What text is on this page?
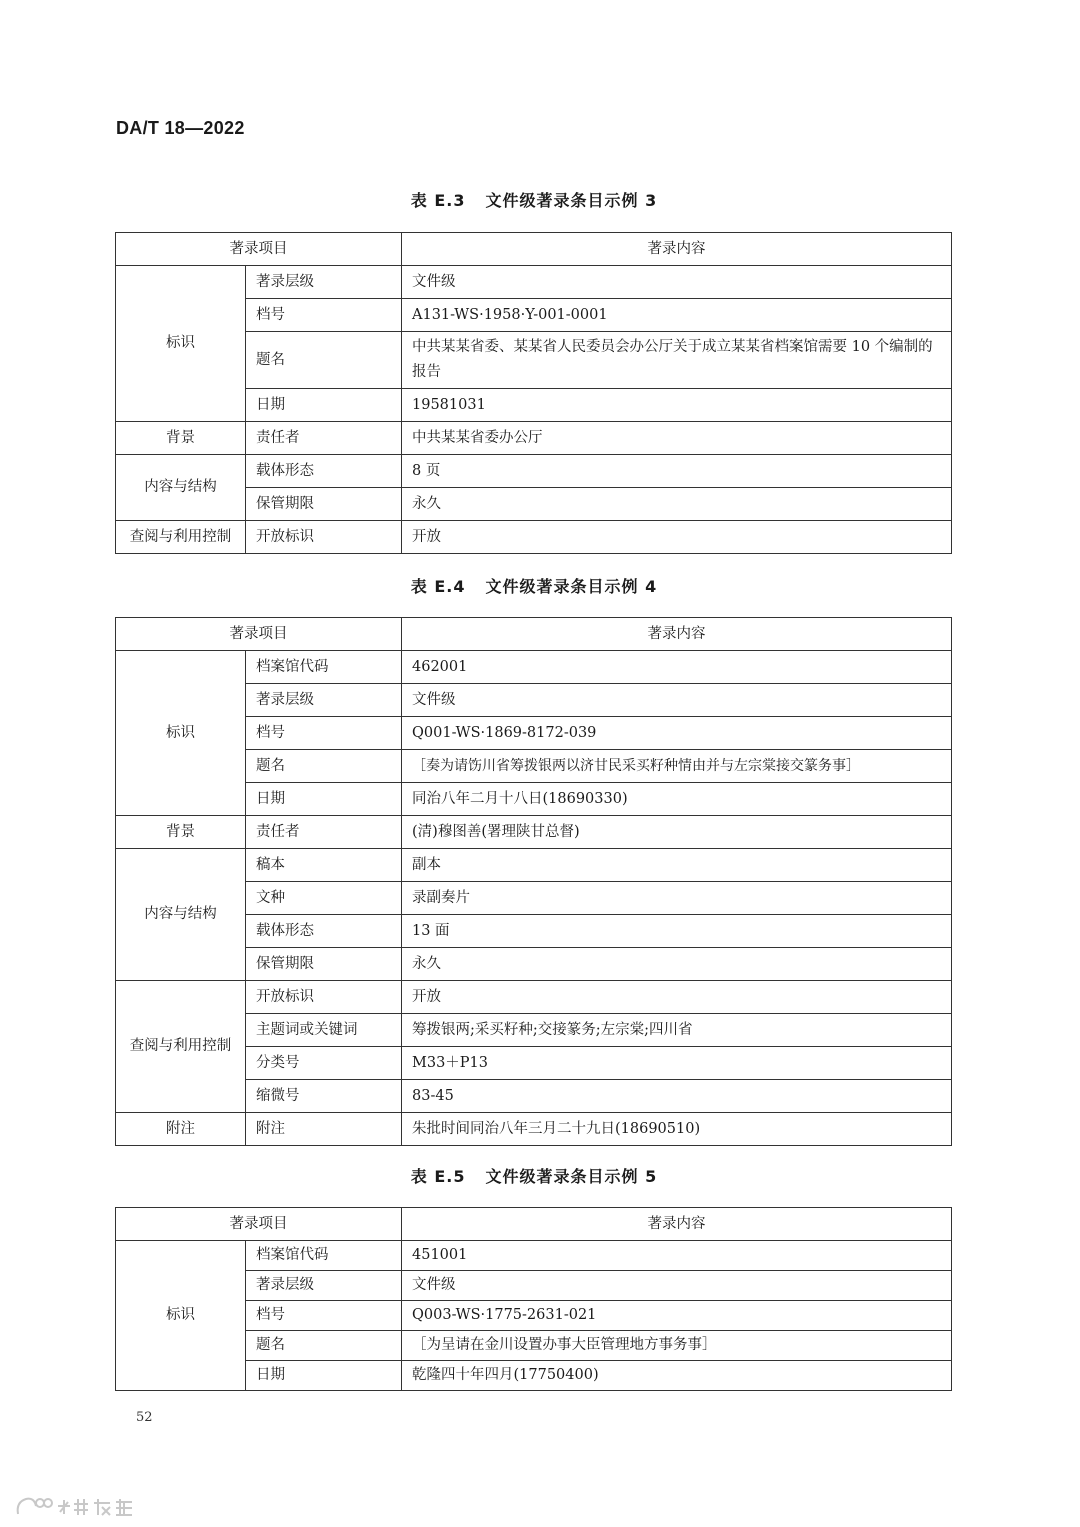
DA/T 18—2022
表 E.3 文件级著录条目示例 3
著录项目		著录内容
标识	著录层级	文件级
	档号	A131-WS·1958·Y-001-0001
	题名	中共某某省委、某某省人民委员会办公厅关于成立某某省档案馆需要 10 个编制的报告
	日期	19581031
背景	责任者	中共某某省委办公厅
内容与结构	载体形态	8 页
	保管期限	永久
查阅与利用控制	开放标识	开放
表 E.4 文件级著录条目示例 4
著录项目		著录内容
标识	档案馆代码	462001
	著录层级	文件级
	档号	Q001-WS·1869-8172-039
	题名	［奏为请饬川省筹拨银两以济甘民采买籽种情由并与左宗棠接交篆务事］
	日期	同治八年二月十八日(18690330)
背景	责任者	(清)穆图善(署理陕甘总督)
内容与结构	稿本	副本
	文种	录副奏片
	载体形态	13 面
	保管期限	永久
查阅与利用控制	开放标识	开放
	主题词或关键词	筹拨银两;采买籽种;交接篆务;左宗棠;四川省
	分类号	M33＋P13
	缩微号	83-45
附注	附注	朱批时间同治八年三月二十九日(18690510)
表 E.5 文件级著录条目示例 5
著录项目		著录内容
标识	档案馆代码	451001
	著录层级	文件级
	档号	Q003-WS·1775-2631-021
	题名	［为呈请在金川设置办事大臣管理地方事务事］
	日期	乾隆四十年四月(17750400)
52
